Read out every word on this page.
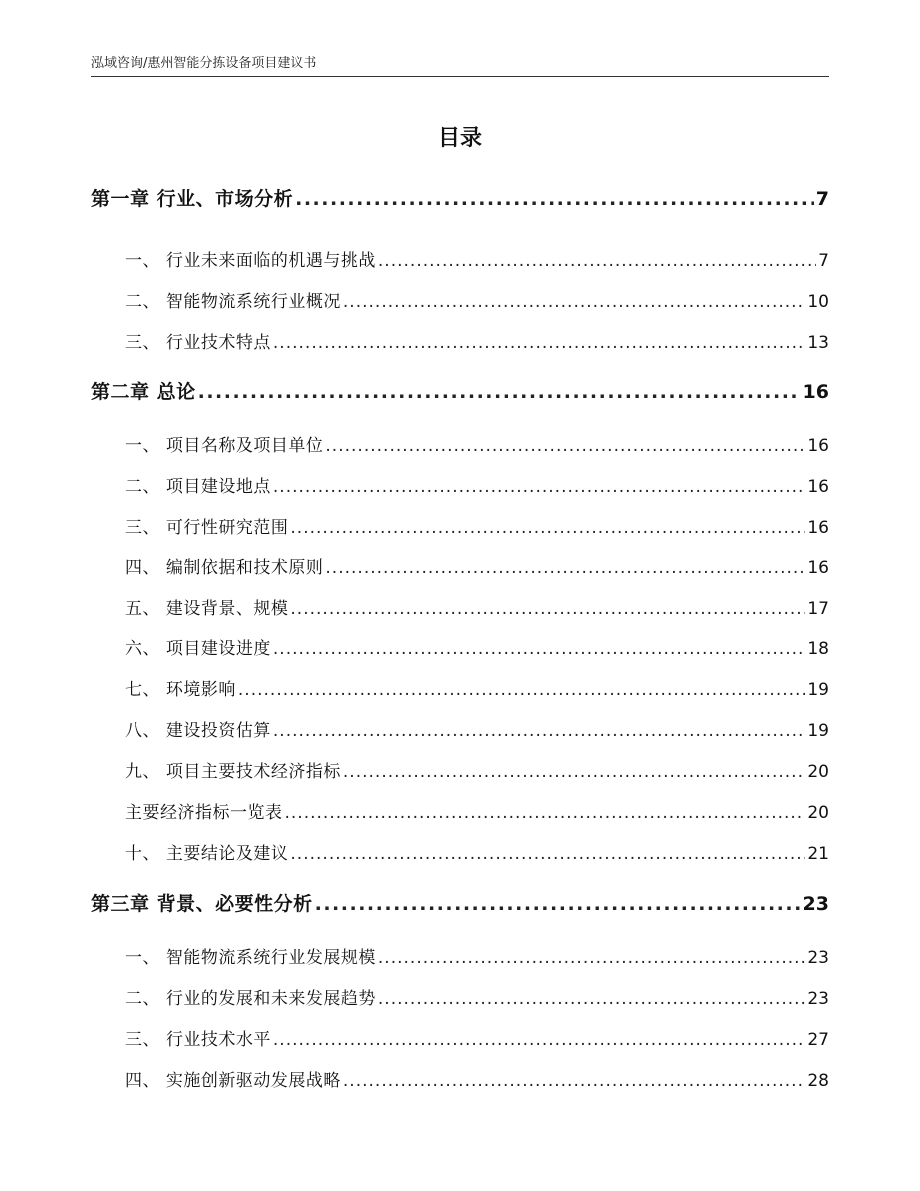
泓域咨询/惠州智能分拣设备项目建议书
目录
第一章 行业、市场分析 .....	7
一、 行业未来面临的机遇与挑战 .....	7
二、 智能物流系统行业概况 .....	10
三、 行业技术特点 .....	13
第二章 总论 .....	16
一、 项目名称及项目单位 .....	16
二、 项目建设地点 .....	16
三、 可行性研究范围 .....	16
四、 编制依据和技术原则 .....	16
五、 建设背景、规模 .....	17
六、 项目建设进度 .....	18
七、 环境影响 .....	19
八、 建设投资估算 .....	19
九、 项目主要技术经济指标 .....	20
主要经济指标一览表 .....	20
十、 主要结论及建议 .....	21
第三章 背景、必要性分析 .....	23
一、 智能物流系统行业发展规模 .....	23
二、 行业的发展和未来发展趋势 .....	23
三、 行业技术水平 .....	27
四、 实施创新驱动发展战略 .....	28
